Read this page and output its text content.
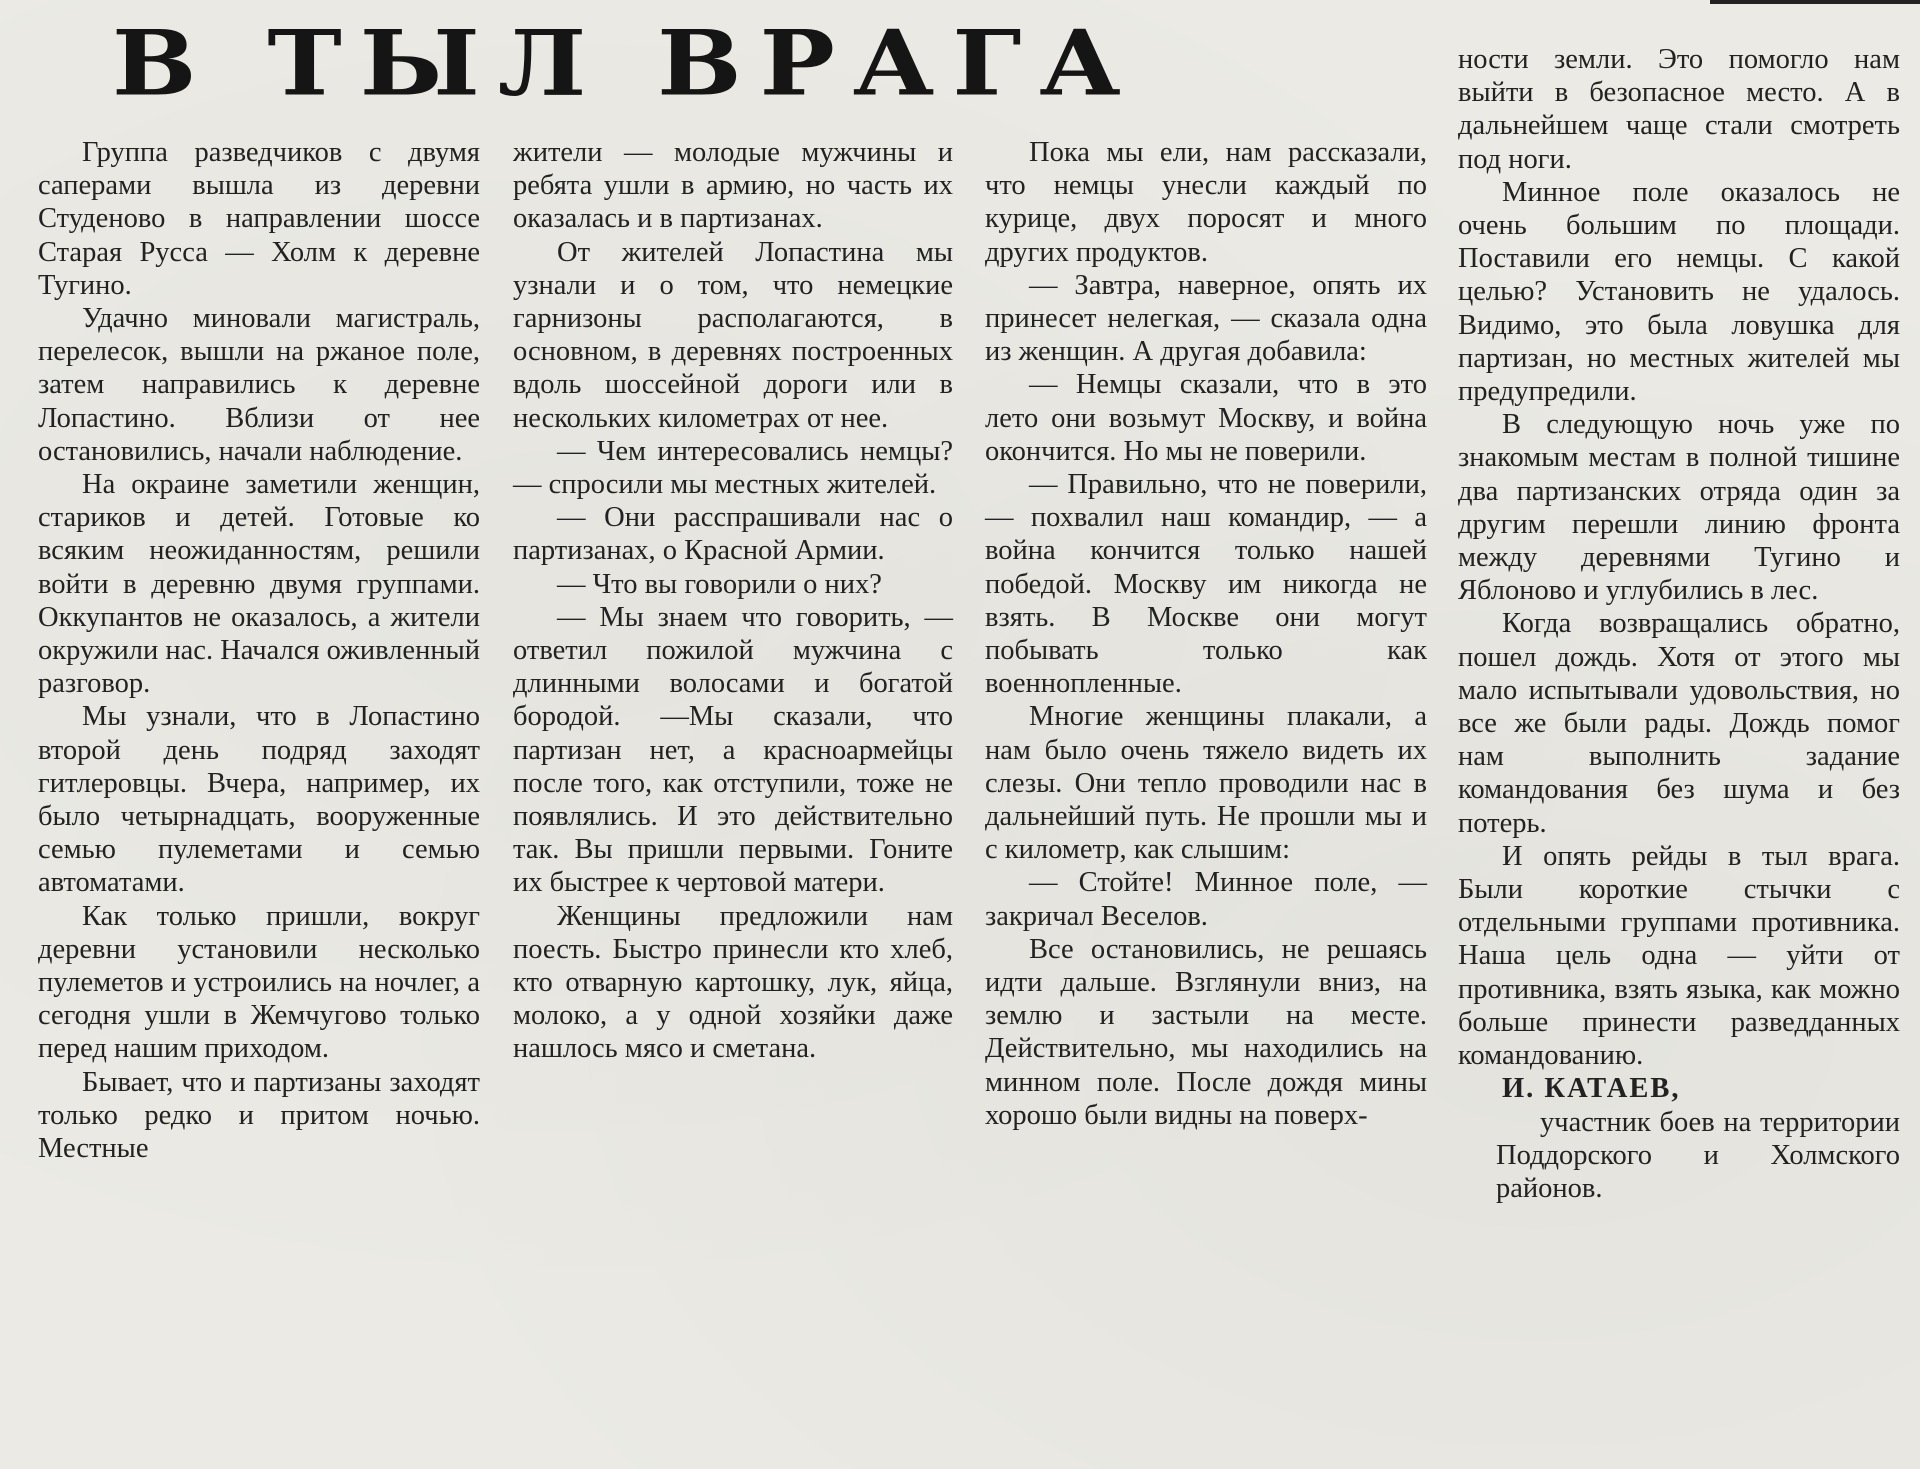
В ТЫЛ ВРАГА

Группа разведчиков с двумя саперами вышла из деревни Студеново в направлении шоссе Старая Русса — Холм к деревне Тугино.

Удачно миновали магистраль, перелесок, вышли на ржаное поле, затем направились к деревне Лопастино. Вблизи от нее остановились, начали наблюдение.

На окраине заметили женщин, стариков и детей. Готовые ко всяким неожиданностям, решили войти в деревню двумя группами. Оккупантов не оказалось, а жители окружили нас. Начался оживленный разговор.

Мы узнали, что в Лопастино второй день подряд заходят гитлеровцы. Вчера, например, их было четырнадцать, вооруженные семью пулеметами и семью автоматами.

Как только пришли, вокруг деревни установили несколько пулеметов и устроились на ночлег, а сегодня ушли в Жемчугово только перед нашим приходом.

Бывает, что и партизаны заходят только редко и притом ночью. Местные

жители — молодые мужчины и ребята ушли в армию, но часть их оказалась и в партизанах.

От жителей Лопастина мы узнали и о том, что немецкие гарнизоны располагаются, в основном, в деревнях построенных вдоль шоссейной дороги или в нескольких километрах от нее.

— Чем интересовались немцы? — спросили мы местных жителей.

— Они расспрашивали нас о партизанах, о Красной Армии.

— Что вы говорили о них?

— Мы знаем что говорить, — ответил пожилой мужчина с длинными волосами и богатой бородой. —Мы сказали, что партизан нет, а красноармейцы после того, как отступили, тоже не появлялись. И это действительно так. Вы пришли первыми. Гоните их быстрее к чертовой матери.

Женщины предложили нам поесть. Быстро принесли кто хлеб, кто отварную картошку, лук, яйца, молоко, а у одной хозяйки даже нашлось мясо и сметана.

Пока мы ели, нам рассказали, что немцы унесли каждый по курице, двух поросят и много других продуктов.

— Завтра, наверное, опять их принесет нелегкая, — сказала одна из женщин. А другая добавила:

— Немцы сказали, что в это лето они возьмут Москву, и война окончится. Но мы не поверили.

— Правильно, что не поверили, — похвалил наш командир, — а война кончится только нашей победой. Москву им никогда не взять. В Москве они могут побывать только как военнопленные.

Многие женщины плакали, а нам было очень тяжело видеть их слезы. Они тепло проводили нас в дальнейший путь. Не прошли мы и с километр, как слышим:

— Стойте! Минное поле, — закричал Веселов.

Все остановились, не решаясь идти дальше. Взглянули вниз, на землю и застыли на месте. Действительно, мы находились на минном поле. После дождя мины хорошо были видны на поверх-

ности земли. Это помогло нам выйти в безопасное место. А в дальнейшем чаще стали смотреть под ноги.

Минное поле оказалось не очень большим по площади. Поставили его немцы. С какой целью? Установить не удалось. Видимо, это была ловушка для партизан, но местных жителей мы предупредили.

В следующую ночь уже по знакомым местам в полной тишине два партизанских отряда один за другим перешли линию фронта между деревнями Тугино и Яблоново и углубились в лес.

Когда возвращались обратно, пошел дождь. Хотя от этого мы мало испытывали удовольствия, но все же были рады. Дождь помог нам выполнить задание командования без шума и без потерь.

И опять рейды в тыл врага. Были короткие стычки с отдельными группами противника. Наша цель одна — уйти от противника, взять языка, как можно больше принести разведданных командованию.

И. КАТАЕВ,

участник боев на территории Поддорского и Холмского районов.
